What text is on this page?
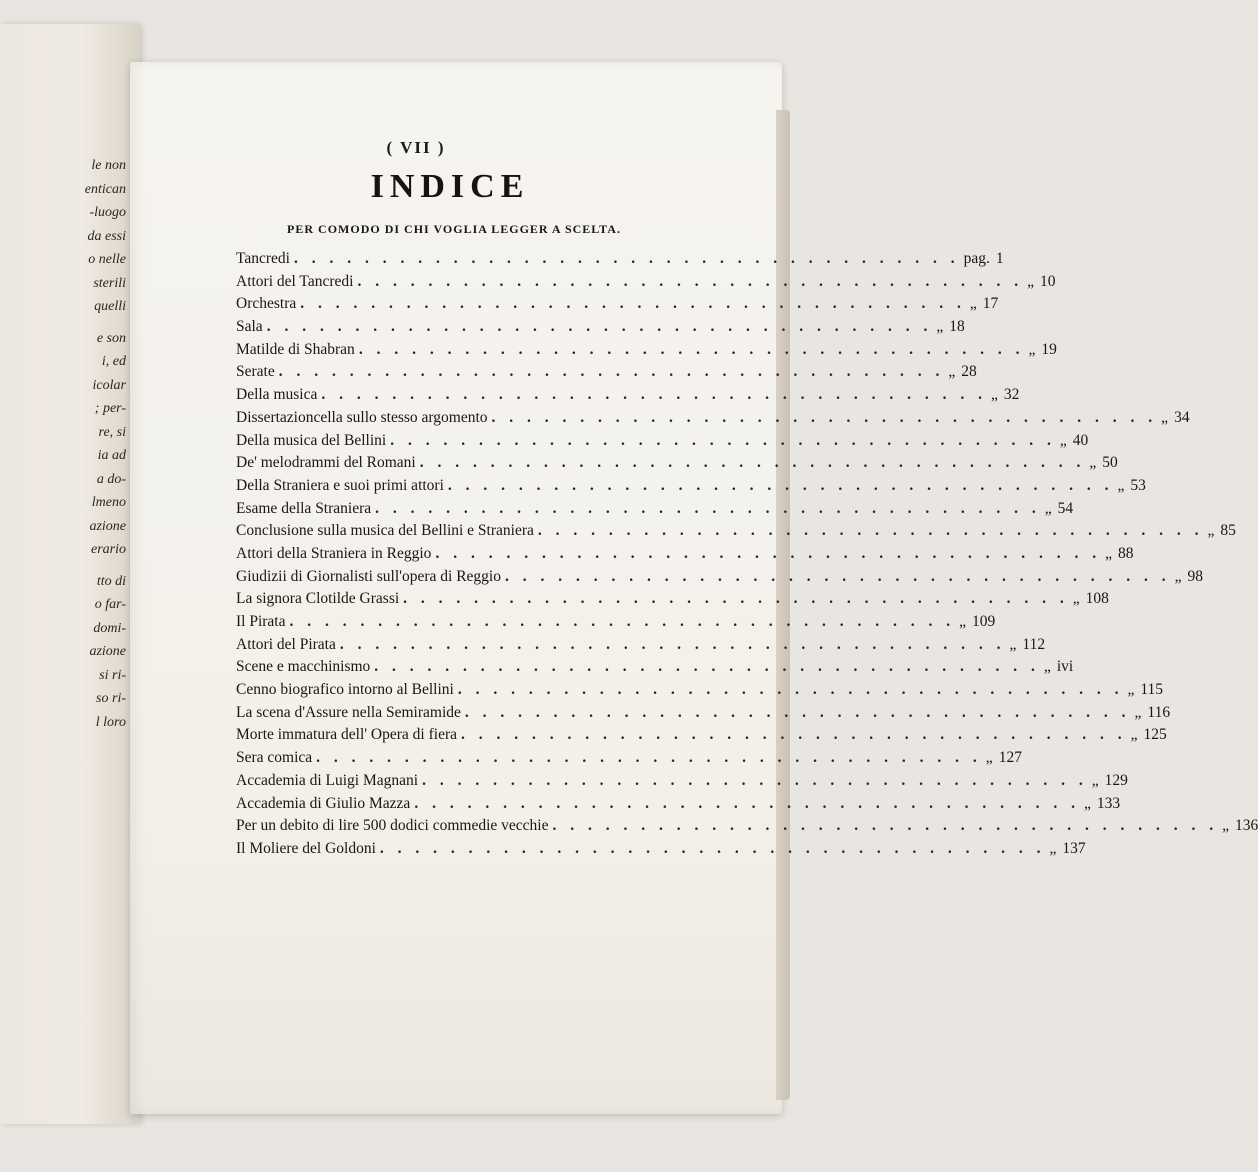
le non
entican
-luogo
da essi
o nelle
sterili
quelli
e son
i, ed
icolar
; per-
re, si
ia ad
a do-
lmeno
azione
erario
tto di
o far-
domi-
azione
si ri-
so ri-
l loro
( VII )
INDICE
PER COMODO DI CHI VOGLIA LEGGER A SCELTA.
Tancredi . . . . . . . . . . . . . . . . . . . . . . . . . . . . . . . . . . . . . . pag. 1
Attori del Tancredi . . . . . . . . . . . . . . . . . . . . . . . . . . . . . . . . . . . . . . „ 10
Orchestra . . . . . . . . . . . . . . . . . . . . . . . . . . . . . . . . . . . . . . „ 17
Sala . . . . . . . . . . . . . . . . . . . . . . . . . . . . . . . . . . . . . . „ 18
Matilde di Shabran . . . . . . . . . . . . . . . . . . . . . . . . . . . . . . . . . . . . . . „ 19
Serate . . . . . . . . . . . . . . . . . . . . . . . . . . . . . . . . . . . . . . „ 28
Della musica . . . . . . . . . . . . . . . . . . . . . . . . . . . . . . . . . . . . . . „ 32
Dissertazioncella sullo stesso argomento . . . . . . . . . . . . . . . . . . . . . . . . . . . . . . . . . . . . . . „ 34
Della musica del Bellini . . . . . . . . . . . . . . . . . . . . . . . . . . . . . . . . . . . . . . „ 40
De' melodrammi del Romani . . . . . . . . . . . . . . . . . . . . . . . . . . . . . . . . . . . . . . „ 50
Della Straniera e suoi primi attori . . . . . . . . . . . . . . . . . . . . . . . . . . . . . . . . . . . . . . „ 53
Esame della Straniera . . . . . . . . . . . . . . . . . . . . . . . . . . . . . . . . . . . . . . „ 54
Conclusione sulla musica del Bellini e Straniera . . . . . . . . . . . . . . . . . . . . . . . . . . . . . . . . . . . . . . „ 85
Attori della Straniera in Reggio . . . . . . . . . . . . . . . . . . . . . . . . . . . . . . . . . . . . . . „ 88
Giudizii di Giornalisti sull'opera di Reggio . . . . . . . . . . . . . . . . . . . . . . . . . . . . . . . . . . . . . . „ 98
La signora Clotilde Grassi . . . . . . . . . . . . . . . . . . . . . . . . . . . . . . . . . . . . . . „ 108
Il Pirata . . . . . . . . . . . . . . . . . . . . . . . . . . . . . . . . . . . . . . „ 109
Attori del Pirata . . . . . . . . . . . . . . . . . . . . . . . . . . . . . . . . . . . . . . „ 112
Scene e macchinismo . . . . . . . . . . . . . . . . . . . . . . . . . . . . . . . . . . . . . . „ ivi
Cenno biografico intorno al Bellini . . . . . . . . . . . . . . . . . . . . . . . . . . . . . . . . . . . . . . „ 115
La scena d'Assure nella Semiramide . . . . . . . . . . . . . . . . . . . . . . . . . . . . . . . . . . . . . . „ 116
Morte immatura dell' Opera di fiera . . . . . . . . . . . . . . . . . . . . . . . . . . . . . . . . . . . . . . „ 125
Sera comica . . . . . . . . . . . . . . . . . . . . . . . . . . . . . . . . . . . . . . „ 127
Accademia di Luigi Magnani . . . . . . . . . . . . . . . . . . . . . . . . . . . . . . . . . . . . . . „ 129
Accademia di Giulio Mazza . . . . . . . . . . . . . . . . . . . . . . . . . . . . . . . . . . . . . . „ 133
Per un debito di lire 500 dodici commedie vecchie . . . . . . . . . . . . . . . . . . . . . . . . . . . . . . . . . . . . . . „ 136
Il Moliere del Goldoni . . . . . . . . . . . . . . . . . . . . . . . . . . . . . . . . . . . . . . „ 137
